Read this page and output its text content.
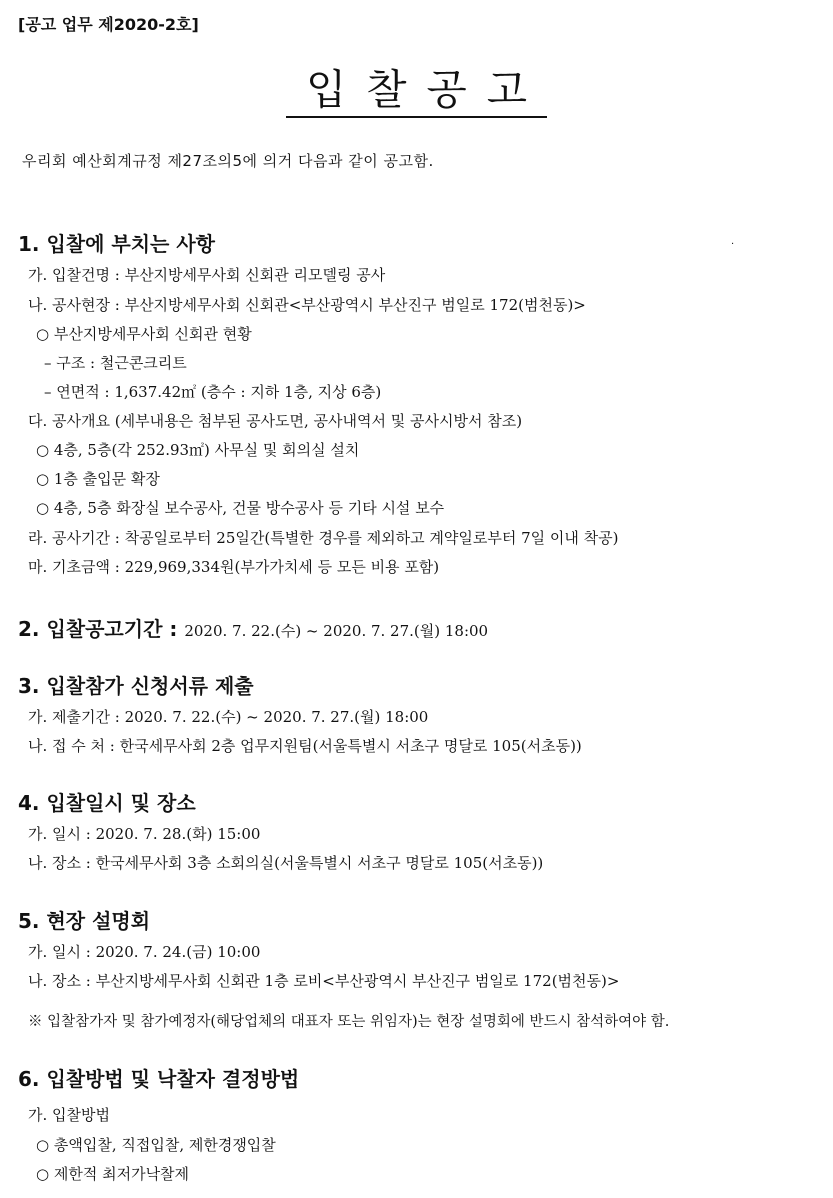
[공고 업무 제2020-2호]
입찰공고
우리회 예산회계규정 제27조의5에 의거 다음과 같이 공고함.
.
1. 입찰에 부치는 사항
가. 입찰건명 : 부산지방세무사회 신회관 리모델링 공사
나. 공사현장 : 부산지방세무사회 신회관<부산광역시 부산진구 범일로 172(범천동)>
○ 부산지방세무사회 신회관 현황
– 구조 : 철근콘크리트
– 연면적 : 1,637.42㎡ (층수 : 지하 1층, 지상 6층)
다. 공사개요 (세부내용은 첨부된 공사도면, 공사내역서 및 공사시방서 참조)
○ 4층, 5층(각 252.93㎡) 사무실 및 회의실 설치
○ 1층 출입문 확장
○ 4층, 5층 화장실 보수공사, 건물 방수공사 등 기타 시설 보수
라. 공사기간 : 착공일로부터 25일간(특별한 경우를 제외하고 계약일로부터 7일 이내 착공)
마. 기초금액 : 229,969,334원(부가가치세 등 모든 비용 포함)
2. 입찰공고기간 : 2020. 7. 22.(수) ~ 2020. 7. 27.(월) 18:00
3. 입찰참가 신청서류 제출
가. 제출기간 : 2020. 7. 22.(수) ~ 2020. 7. 27.(월) 18:00
나. 접 수 처 : 한국세무사회 2층 업무지원팀(서울특별시 서초구 명달로 105(서초동))
4. 입찰일시 및 장소
가. 일시 : 2020. 7. 28.(화) 15:00
나. 장소 : 한국세무사회 3층 소회의실(서울특별시 서초구 명달로 105(서초동))
5. 현장 설명회
가. 일시 : 2020. 7. 24.(금) 10:00
나. 장소 : 부산지방세무사회 신회관 1층 로비<부산광역시 부산진구 범일로 172(범천동)>
※ 입찰참가자 및 참가예정자(해당업체의 대표자 또는 위임자)는 현장 설명회에 반드시 참석하여야 함.
6. 입찰방법 및 낙찰자 결정방법
가. 입찰방법
○ 총액입찰, 직접입찰, 제한경쟁입찰
○ 제한적 최저가낙찰제
